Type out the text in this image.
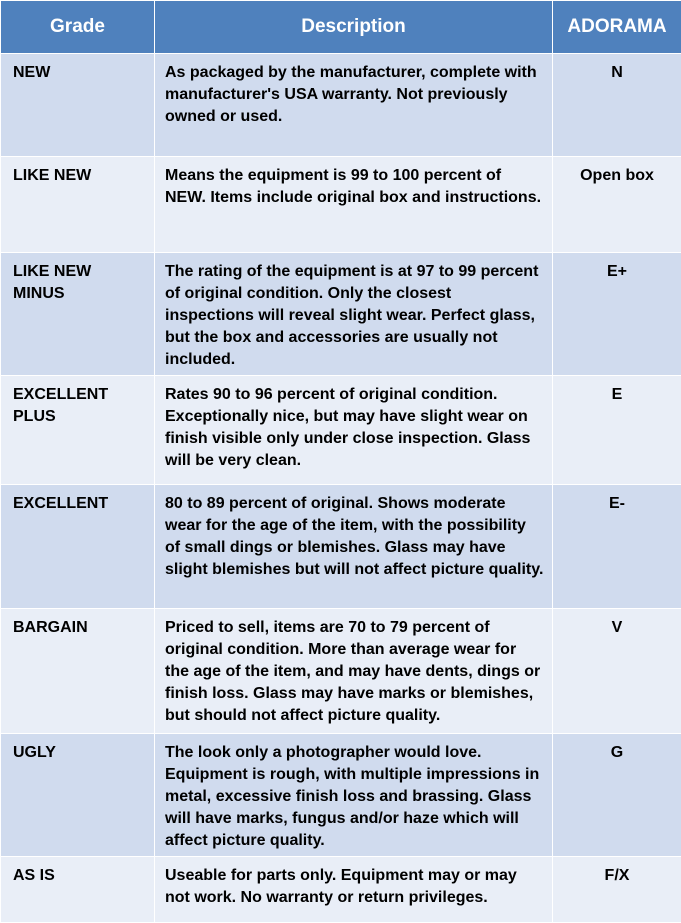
Grade	Description	ADORAMA
NEW	As packaged by the manufacturer, complete with manufacturer's USA warranty. Not previously owned or used.	N
LIKE NEW	Means the equipment is 99 to 100 percent of NEW. Items include original box and instructions.	Open box
LIKE NEW MINUS	The rating of the equipment is at 97 to 99 percent of original condition. Only the closest inspections will reveal slight wear. Perfect glass, but the box and accessories are usually not included.	E+
EXCELLENT PLUS	Rates 90 to 96 percent of original condition. Exceptionally nice, but may have slight wear on finish visible only under close inspection. Glass will be very clean.	E
EXCELLENT	80 to 89 percent of original. Shows moderate wear for the age of the item, with the possibility of small dings or blemishes. Glass may have slight blemishes but will not affect picture quality.	E-
BARGAIN	Priced to sell, items are 70 to 79 percent of original condition. More than average wear for the age of the item, and may have dents, dings or finish loss. Glass may have marks or blemishes, but should not affect picture quality.	V
UGLY	The look only a photographer would love. Equipment is rough, with multiple impressions in metal, excessive finish loss and brassing. Glass will have marks, fungus and/or haze which will affect picture quality.	G
AS IS	Useable for parts only. Equipment may or may not work. No warranty or return privileges.	F/X
